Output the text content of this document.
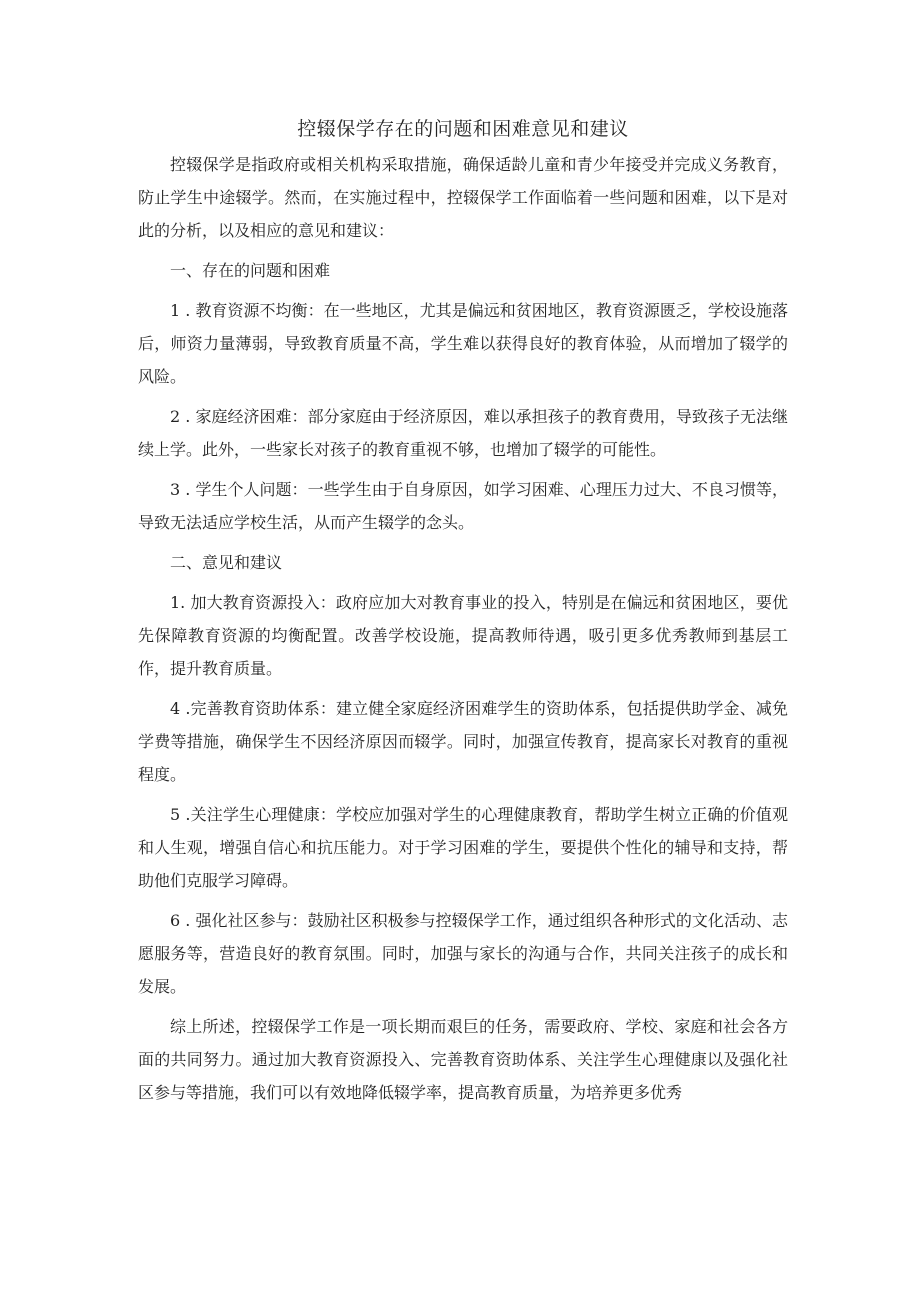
控辍保学存在的问题和困难意见和建议

控辍保学是指政府或相关机构采取措施，确保适龄儿童和青少年接受并完成义务教育，防止学生中途辍学。然而，在实施过程中，控辍保学工作面临着一些问题和困难，以下是对此的分析，以及相应的意见和建议：

一、存在的问题和困难

1 . 教育资源不均衡：在一些地区，尤其是偏远和贫困地区，教育资源匮乏，学校设施落后，师资力量薄弱，导致教育质量不高，学生难以获得良好的教育体验，从而增加了辍学的风险。

2 . 家庭经济困难：部分家庭由于经济原因，难以承担孩子的教育费用，导致孩子无法继续上学。此外，一些家长对孩子的教育重视不够，也增加了辍学的可能性。

3 . 学生个人问题：一些学生由于自身原因，如学习困难、心理压力过大、不良习惯等，导致无法适应学校生活，从而产生辍学的念头。

二、意见和建议

1. 加大教育资源投入：政府应加大对教育事业的投入，特别是在偏远和贫困地区，要优先保障教育资源的均衡配置。改善学校设施，提高教师待遇，吸引更多优秀教师到基层工作，提升教育质量。

4 .完善教育资助体系：建立健全家庭经济困难学生的资助体系，包括提供助学金、减免学费等措施，确保学生不因经济原因而辍学。同时，加强宣传教育，提高家长对教育的重视程度。

5 .关注学生心理健康：学校应加强对学生的心理健康教育，帮助学生树立正确的价值观和人生观，增强自信心和抗压能力。对于学习困难的学生，要提供个性化的辅导和支持，帮助他们克服学习障碍。

6 . 强化社区参与：鼓励社区积极参与控辍保学工作，通过组织各种形式的文化活动、志愿服务等，营造良好的教育氛围。同时，加强与家长的沟通与合作，共同关注孩子的成长和发展。

综上所述，控辍保学工作是一项长期而艰巨的任务，需要政府、学校、家庭和社会各方面的共同努力。通过加大教育资源投入、完善教育资助体系、关注学生心理健康以及强化社区参与等措施，我们可以有效地降低辍学率，提高教育质量，为培养更多优秀
